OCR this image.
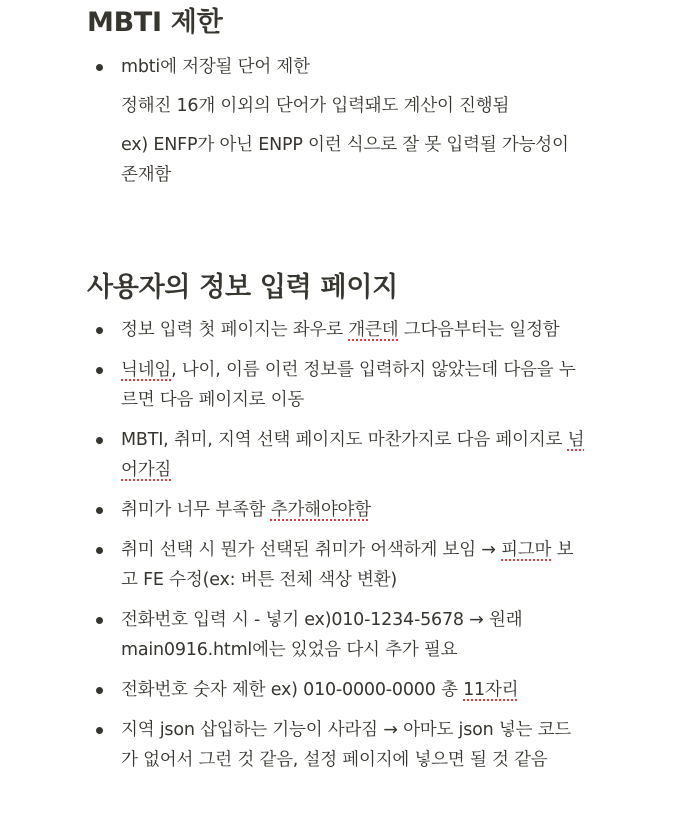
MBTI 제한
mbti에 저장될 단어 제한
정해진 16개 이외의 단어가 입력돼도 계산이 진행됨
ex) ENFP가 아닌 ENPP 이런 식으로 잘 못 입력될 가능성이 존재함
사용자의 정보 입력 페이지
정보 입력 첫 페이지는 좌우로 개큰데 그다음부터는 일정함
닉네임, 나이, 이름 이런 정보를 입력하지 않았는데 다음을 누르면 다음 페이지로 이동
MBTI, 취미, 지역 선택 페이지도 마찬가지로 다음 페이지로 넘어가짐
취미가 너무 부족함 추가해야야함
취미 선택 시 뭔가 선택된 취미가 어색하게 보임 → 피그마 보고 FE 수정(ex: 버튼 전체 색상 변환)
전화번호 입력 시 - 넣기 ex)010-1234-5678 → 원래 main0916.html에는 있었음 다시 추가 필요
전화번호 숫자 제한 ex) 010-0000-0000 총 11자리
지역 json 삽입하는 기능이 사라짐 → 아마도 json 넣는 코드가 없어서 그런 것 같음, 설정 페이지에 넣으면 될 것 같음
